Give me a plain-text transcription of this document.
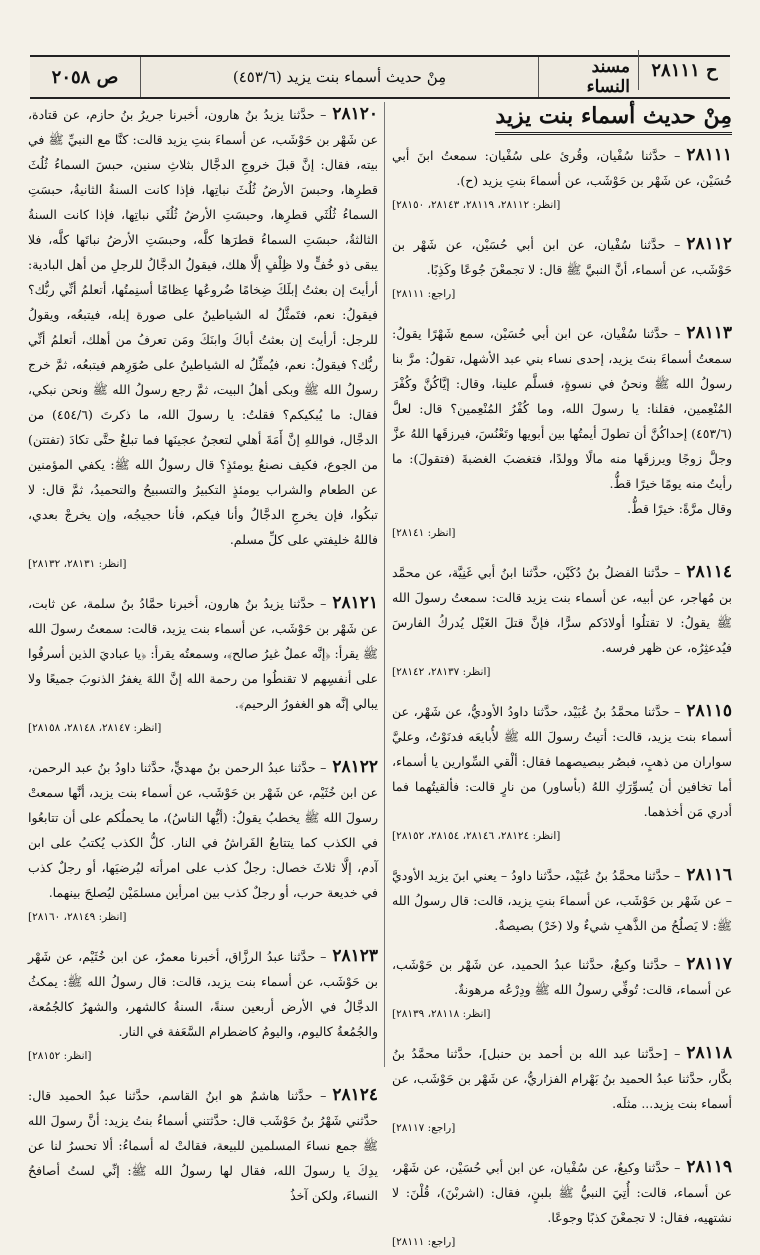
ح ٢٨١١١
مسند النساء
مِنْ حديث أسماء بنت يزيد (٤٥٣/٦)
ص ٢٠٥٨
مِنْ حديث أسماء بنت يزيد
٢٨١١١– حدَّثنا سُفْيان، وقُرئ على سُفْيان: سمعتُ ابنَ أبي حُسَيْن، عن شَهْر بن حَوْشَب، عن أسماءَ بنتِ يزيد (ح).
[انظر: ٢٨١١٢، ٢٨١١٩، ٢٨١٤٣، ٢٨١٥٠]
٢٨١١٢– حدَّثنا سُفْيان، عن ابن أبي حُسَيْن، عن شَهْر بن حَوْشَب، عن أسماء، أنَّ النبيَّ ﷺ قال: لا تجمعْنَ جُوعًا وكَذِبًا.
[راجع: ٢٨١١١]
٢٨١١٣– حدَّثنا سُفْيان، عن ابن أبي حُسَيْن، سمع شَهْرًا يقولُ: سمعتُ أسماءَ بنتَ يزيد، إحدى نساء بني عبد الأشهل، تقولُ: مرَّ بنا رسولُ الله ﷺ ونحنُ في نسوةٍ، فسلَّم علينا، وقال: إيَّاكُنَّ وكُفْرَ المُنْعِمين، فقلنا: يا رسولَ الله، وما كُفْرُ المُنْعِمين؟ قال: لعلَّ (٤٥٣/٦) إحداكُنَّ أن تطولَ أيمتُها بين أبويها وتَعْنُسَ، فيرزقَها اللهُ عزَّ وجلَّ زوجًا ويرزقَها منه مالًا وولدًا، فتغضبَ الغضبةَ (فتقولَ): ما رأيتُ منه يومًا خيرًا قطُّ.
وقال مرَّةً: خيرًا قطُّ.
[انظر: ٢٨١٤١]
٢٨١١٤– حدَّثنا الفضلُ بنُ دُكَيْن، حدَّثنا ابنُ أبي غَنِيَّة، عن محمَّد بن مُهاجر، عن أبيه، عن أسماء بنت يزيد قالت: سمعتُ رسولَ الله ﷺ يقولُ: لا تقتلُوا أولادَكم سرًّا، فإنَّ قتلَ الغَيْل يُدركُ الفارسَ فيُدعثِرُه، عن ظهر فرسه.
[انظر: ٢٨١٣٧، ٢٨١٤٢]
٢٨١١٥– حدَّثنا محمَّدُ بنُ عُبَيْد، حدَّثنا داودُ الأوديُّ، عن شَهْر، عن أسماء بنت يزيد، قالت: أتيتُ رسولَ الله ﷺ لأُبايعَه فدنَوْتُ، وعليَّ سواران من ذهبٍ، فبصُر ببصيصهما فقال: ألْقي السِّوارين يا أسماء، أما تخافين أن يُسوِّرَكِ اللهُ (بأساور) من نارٍ قالت: فألقيتُهما فما أدري مَن أخذهما.
[انظر: ٢٨١٢٤، ٢٨١٤٦، ٢٨١٥٤، ٢٨١٥٢]
٢٨١١٦– حدَّثنا محمَّدُ بنُ عُبَيْد، حدَّثنا داودُ – يعني ابنَ يزيد الأوديَّ – عن شَهْر بن حَوْشَب، عن أسماءَ بنتِ يزيد، قالت: قال رسولُ الله ﷺ: لا يَصلُحُ من الذَّهبِ شيءٌ ولا (خَرْ) بصيصةٌ.
٢٨١١٧– حدَّثنا وكيعٌ، حدَّثنا عبدُ الحميد، عن شَهْر بن حَوْشَب، عن أسماء، قالت: تُوفِّي رسولُ الله ﷺ ودِرْعُه مرهونةٌ.
[انظر: ٢٨١١٨، ٢٨١٣٩]
٢٨١١٨– [حدَّثنا عبد الله بن أحمد بن حنبل]، حدَّثنا محمَّدُ بنُ بكَّار، حدَّثنا عبدُ الحميد بنُ بَهْرام الفزاريُّ، عن شَهْر بن حَوْشَب، عن أسماء بنت يزيد... مثلَه.
[راجع: ٢٨١١٧]
٢٨١١٩– حدَّثنا وكيعٌ، عن سُفْيان، عن ابن أبي حُسَيْن، عن شَهْر، عن أسماء، قالت: أُتِيَ النبيُّ ﷺ بلبنٍ، فقال: (اشربْنَ)، قُلْنَ: لا نشتهيه، فقال: لا تجمعْنَ كذبًا وجوعًا.
[راجع: ٢٨١١١]
٢٨١٢٠– حدَّثنا يزيدُ بنُ هارون، أخبرنا جريرُ بنُ حازم، عن قتادة، عن شَهْر بن حَوْشَب، عن أسماءَ بنتِ يزيد قالت: كنَّا مع النبيِّ ﷺ في بيته، فقال: إنَّ قبلَ خروجِ الدجَّال بثلاثِ سنين، حبسَ السماءُ ثُلُثَ قطرِها، وحبسَ الأرضُ ثُلُثَ نباتِها، فإذا كانت السنةُ الثانيةُ، حبسَتِ السماءُ ثُلُثَي قطرِها، وحبسَتِ الأرضُ ثُلُثَي نباتِها، فإذا كانت السنةُ الثالثةُ، حبسَتِ السماءُ قطرَها كلَّه، وحبسَتِ الأرضُ نباتَها كلَّه، فلا يبقى ذو خُفٍّ ولا ظِلْفٍ إلَّا هلك، فيقولُ الدجَّالُ للرجلِ من أهل البادية: أرأيتَ إن بعثتُ إبلَكَ ضِخامًا ضُروعُها عِظامًا أسنِمتُها، أتعلمُ أنِّي ربُّك؟ فيقولُ: نعم، فتَمثَّلُ له الشياطينُ على صورة إبله، فيتبعُه، ويقولُ للرجل: أرأيتَ إن بعثتُ أباكَ وابنَكَ ومَن تعرفُ من أهلك، أتعلمُ أنِّي ربُّك؟ فيقولُ: نعم، فيُمثِّلُ له الشياطينُ على صُوَرِهم فيتبعُه، ثمَّ خرج رسولُ الله ﷺ وبكى أهلُ البيت، ثمَّ رجع رسولُ الله ﷺ ونحن نبكي، فقال: ما يُبكيكم؟ فقلتُ: يا رسولَ الله، ما ذكرتَ (٤٥٤/٦) من الدجَّال، فواللهِ إنَّ أَمَةَ أهلي لتعجنُ عجينَها فما تبلغُ حتَّى تكادَ (تفتتن) من الجوع، فكيف نصنعُ يومئذٍ؟ قال رسولُ الله ﷺ: يكفي المؤمنين عن الطعام والشراب يومئذٍ التكبيرُ والتسبيحُ والتحميدُ، ثمَّ قال: لا تبكُوا، فإن يخرجِ الدجَّالُ وأنا فيكم، فأنا حجيجُه، وإن يخرجْ بعدي، فاللهُ خليفتي على كلِّ مسلم.
[انظر: ٢٨١٣١، ٢٨١٣٢]
٢٨١٢١– حدَّثنا يزيدُ بنُ هارون، أخبرنا حمَّادُ بنُ سلمة، عن ثابت، عن شَهْر بن حَوْشَب، عن أسماء بنت يزيد، قالت: سمعتُ رسولَ الله ﷺ يقرأ: ﴿إنَّه عملٌ غيرُ صالح﴾، وسمعتُه يقرأ: ﴿يا عباديَ الذين أسرفُوا على أنفسِهم لا تقنطُوا من رحمة الله إنَّ اللهَ يغفرُ الذنوبَ جميعًا ولا يبالي إنَّه هو الغفورُ الرحيم﴾.
[انظر: ٢٨١٤٧، ٢٨١٤٨، ٢٨١٥٨]
٢٨١٢٢– حدَّثنا عبدُ الرحمن بنُ مهديٍّ، حدَّثنا داودُ بنُ عبد الرحمن، عن ابن خُثَيْم، عن شَهْر بن حَوْشَب، عن أسماء بنت يزيد، أنَّها سمعتْ رسولَ الله ﷺ يخطبُ يقولُ: (أيُّها الناسُ)، ما يحملُكم على أن تتابعُوا في الكذب كما يتتابعُ الفَراشُ في النار. كلُّ الكذب يُكتبُ على ابن آدم، إلَّا ثلاثَ خصال: رجلٌ كذب على امرأته ليُرضيَها، أو رجلٌ كذب في خديعة حرب، أو رجلٌ كذب بين امرأين مسلمَيْن ليُصلحَ بينهما.
[انظر: ٢٨١٤٩، ٢٨١٦٠]
٢٨١٢٣– حدَّثنا عبدُ الرزَّاق، أخبرنا معمرٌ، عن ابن خُثَيْم، عن شَهْر بن حَوْشَب، عن أسماء بنت يزيد، قالت: قال رسولُ الله ﷺ: يمكثُ الدجَّالُ في الأرض أربعين سنةً، السنةُ كالشهر، والشهرُ كالجُمُعة، والجُمُعةُ كاليوم، واليومُ كاضطرام السَّعَفة في النار.
[انظر: ٢٨١٥٢]
٢٨١٢٤– حدَّثنا هاشمٌ هو ابنُ القاسم، حدَّثنا عبدُ الحميد قال: حدَّثني شَهْرُ بنُ حَوْشَب قال: حدَّثتني أسماءُ بنتُ يزيد: أنَّ رسولَ الله ﷺ جمع نساءَ المسلمين للبيعة، فقالتْ له أسماءُ: ألا تحسرُ لنا عن يدِكَ يا رسولَ الله، فقال لها رسولُ الله ﷺ: إنِّي لستُ أصافحُ النساءَ، ولكن آخذُ
